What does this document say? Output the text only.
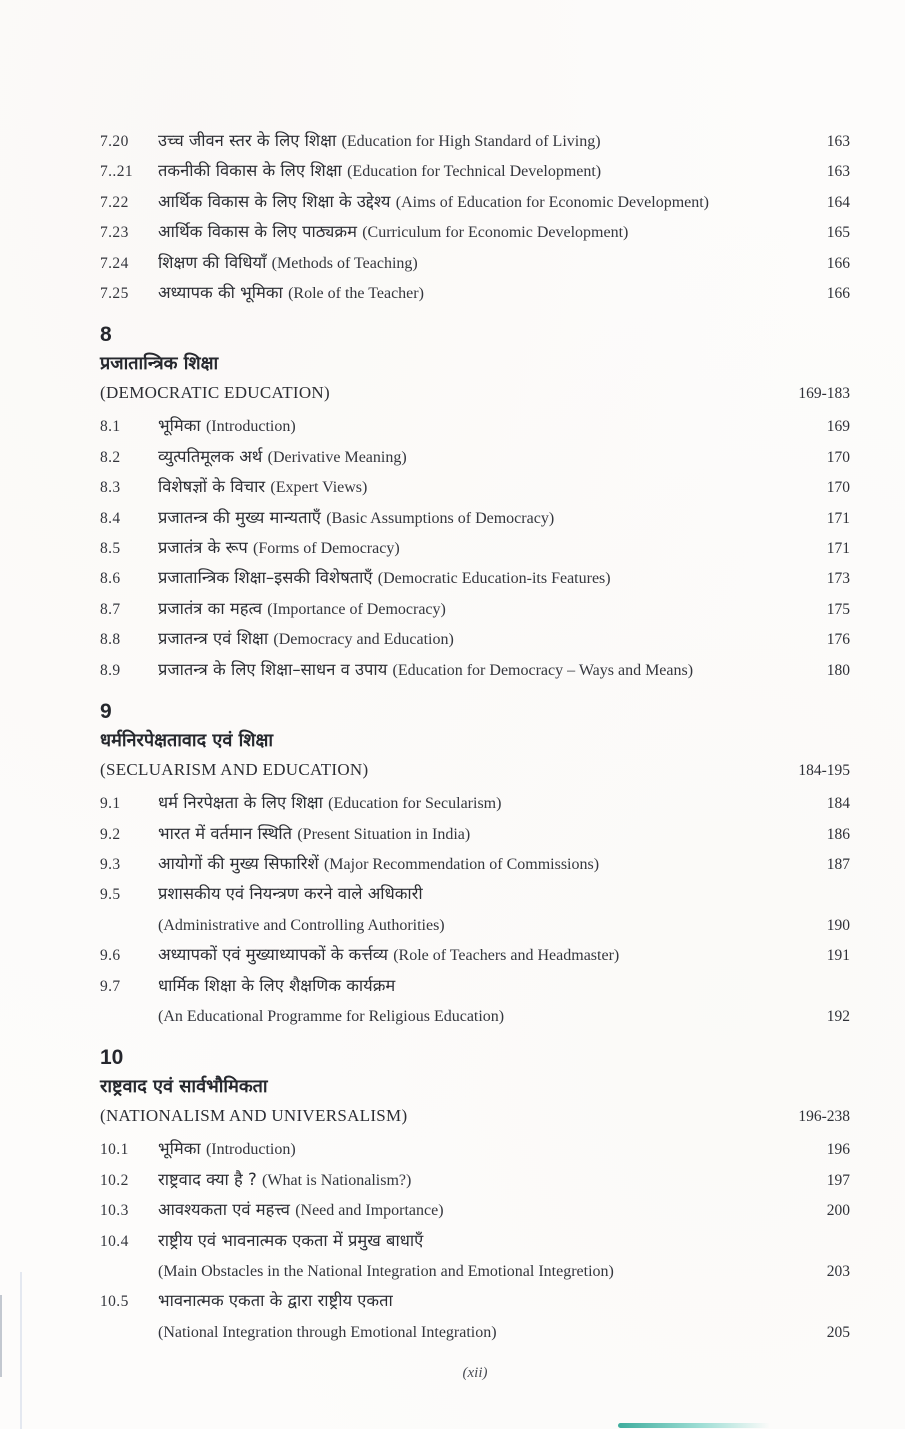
7.20	उच्च जीवन स्तर के लिए शिक्षा (Education for High Standard of Living)	163
7..21	तकनीकी विकास के लिए शिक्षा (Education for Technical Development)	163
7.22	आर्थिक विकास के लिए शिक्षा के उद्देश्य (Aims of Education for Economic Development)	164
7.23	आर्थिक विकास के लिए पाठ्यक्रम (Curriculum for Economic Development)	165
7.24	शिक्षण की विधियाँ (Methods of Teaching)	166
7.25	अध्यापक की भूमिका (Role of the Teacher)	166
8
प्रजातान्त्रिक शिक्षा
(DEMOCRATIC EDUCATION)	169-183
8.1	भूमिका (Introduction)	169
8.2	व्युत्पतिमूलक अर्थ (Derivative Meaning)	170
8.3	विशेषज्ञों के विचार (Expert Views)	170
8.4	प्रजातन्त्र की मुख्य मान्यताएँ (Basic Assumptions of Democracy)	171
8.5	प्रजातंत्र के रूप (Forms of Democracy)	171
8.6	प्रजातान्त्रिक शिक्षा–इसकी विशेषताएँ (Democratic Education-its Features)	173
8.7	प्रजातंत्र का महत्व (Importance of Democracy)	175
8.8	प्रजातन्त्र एवं शिक्षा (Democracy and Education)	176
8.9	प्रजातन्त्र के लिए शिक्षा–साधन व उपाय (Education for Democracy – Ways and Means)	180
9
धर्मनिरपेक्षतावाद एवं शिक्षा
(SECLUARISM AND EDUCATION)	184-195
9.1	धर्म निरपेक्षता के लिए शिक्षा (Education for Secularism)	184
9.2	भारत में वर्तमान स्थिति (Present Situation in India)	186
9.3	आयोगों की मुख्य सिफारिशें (Major Recommendation of Commissions)	187
9.5	प्रशासकीय एवं नियन्त्रण करने वाले अधिकारी
(Administrative and Controlling Authorities)	190
9.6	अध्यापकों एवं मुख्याध्यापकों के कर्त्तव्य (Role of Teachers and Headmaster)	191
9.7	धार्मिक शिक्षा के लिए शैक्षणिक कार्यक्रम
(An Educational Programme for Religious Education)	192
10
राष्ट्रवाद एवं सार्वभौमिकता
(NATIONALISM AND UNIVERSALISM)	196-238
10.1	भूमिका (Introduction)	196
10.2	राष्ट्रवाद क्या है ? (What is Nationalism?)	197
10.3	आवश्यकता एवं महत्त्व (Need and Importance)	200
10.4	राष्ट्रीय एवं भावनात्मक एकता में प्रमुख बाधाएँ
(Main Obstacles in the National Integration and Emotional Integretion)	203
10.5	भावनात्मक एकता के द्वारा राष्ट्रीय एकता
(National Integration through Emotional Integration)	205
(xii)
